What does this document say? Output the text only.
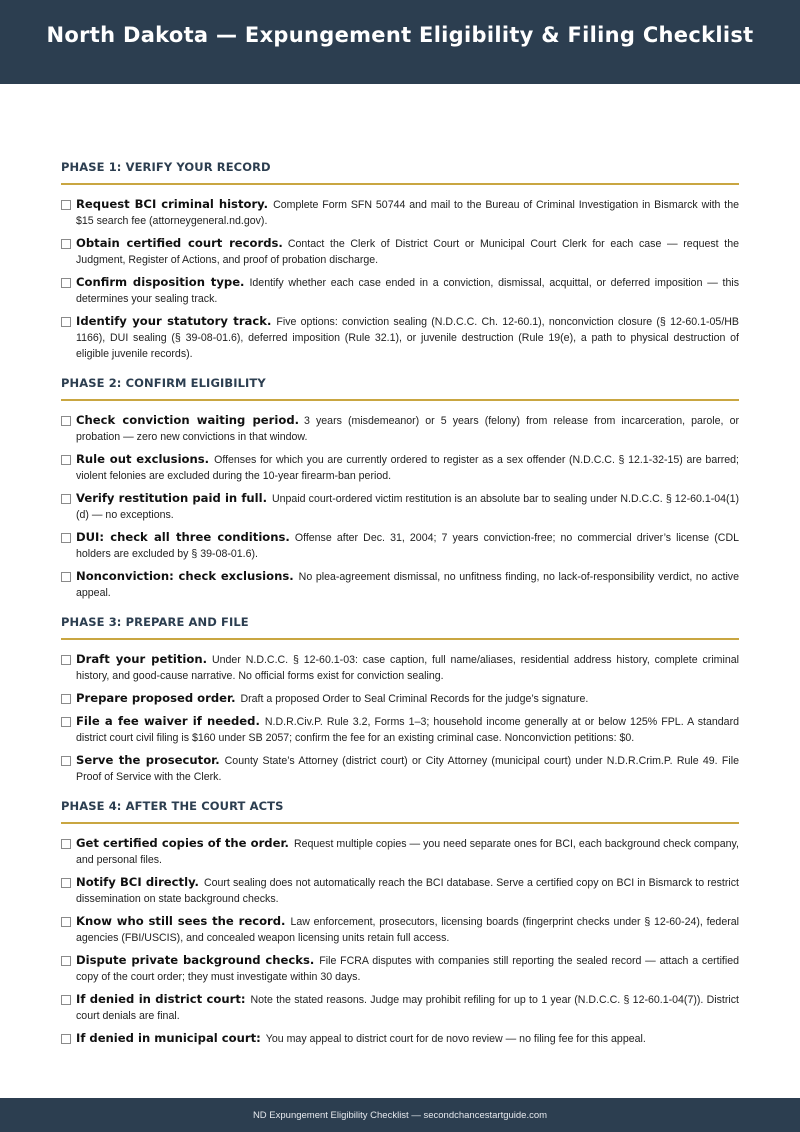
North Dakota — Expungement Eligibility & Filing Checklist
PHASE 1: VERIFY YOUR RECORD
Request BCI criminal history. Complete Form SFN 50744 and mail to the Bureau of Criminal Investigation in Bismarck with the $15 search fee (attorneygeneral.nd.gov).
Obtain certified court records. Contact the Clerk of District Court or Municipal Court Clerk for each case — request the Judgment, Register of Actions, and proof of probation discharge.
Confirm disposition type. Identify whether each case ended in a conviction, dismissal, acquittal, or deferred imposition — this determines your sealing track.
Identify your statutory track. Five options: conviction sealing (N.D.C.C. Ch. 12-60.1), nonconviction closure (§ 12-60.1-05/HB 1166), DUI sealing (§ 39-08-01.6), deferred imposition (Rule 32.1), or juvenile destruction (Rule 19(e), a path to physical destruction of eligible juvenile records).
PHASE 2: CONFIRM ELIGIBILITY
Check conviction waiting period. 3 years (misdemeanor) or 5 years (felony) from release from incarceration, parole, or probation — zero new convictions in that window.
Rule out exclusions. Offenses for which you are currently ordered to register as a sex offender (N.D.C.C. § 12.1-32-15) are barred; violent felonies are excluded during the 10-year firearm-ban period.
Verify restitution paid in full. Unpaid court-ordered victim restitution is an absolute bar to sealing under N.D.C.C. § 12-60.1-04(1)(d) — no exceptions.
DUI: check all three conditions. Offense after Dec. 31, 2004; 7 years conviction-free; no commercial driver’s license (CDL holders are excluded by § 39-08-01.6).
Nonconviction: check exclusions. No plea-agreement dismissal, no unfitness finding, no lack-of-responsibility verdict, no active appeal.
PHASE 3: PREPARE AND FILE
Draft your petition. Under N.D.C.C. § 12-60.1-03: case caption, full name/aliases, residential address history, complete criminal history, and good-cause narrative. No official forms exist for conviction sealing.
Prepare proposed order. Draft a proposed Order to Seal Criminal Records for the judge’s signature.
File a fee waiver if needed. N.D.R.Civ.P. Rule 3.2, Forms 1–3; household income generally at or below 125% FPL. A standard district court civil filing is $160 under SB 2057; confirm the fee for an existing criminal case. Nonconviction petitions: $0.
Serve the prosecutor. County State’s Attorney (district court) or City Attorney (municipal court) under N.D.R.Crim.P. Rule 49. File Proof of Service with the Clerk.
PHASE 4: AFTER THE COURT ACTS
Get certified copies of the order. Request multiple copies — you need separate ones for BCI, each background check company, and personal files.
Notify BCI directly. Court sealing does not automatically reach the BCI database. Serve a certified copy on BCI in Bismarck to restrict dissemination on state background checks.
Know who still sees the record. Law enforcement, prosecutors, licensing boards (fingerprint checks under § 12-60-24), federal agencies (FBI/USCIS), and concealed weapon licensing units retain full access.
Dispute private background checks. File FCRA disputes with companies still reporting the sealed record — attach a certified copy of the court order; they must investigate within 30 days.
If denied in district court: Note the stated reasons. Judge may prohibit refiling for up to 1 year (N.D.C.C. § 12-60.1-04(7)). District court denials are final.
If denied in municipal court: You may appeal to district court for de novo review — no filing fee for this appeal.
ND Expungement Eligibility Checklist — secondchancestartguide.com
